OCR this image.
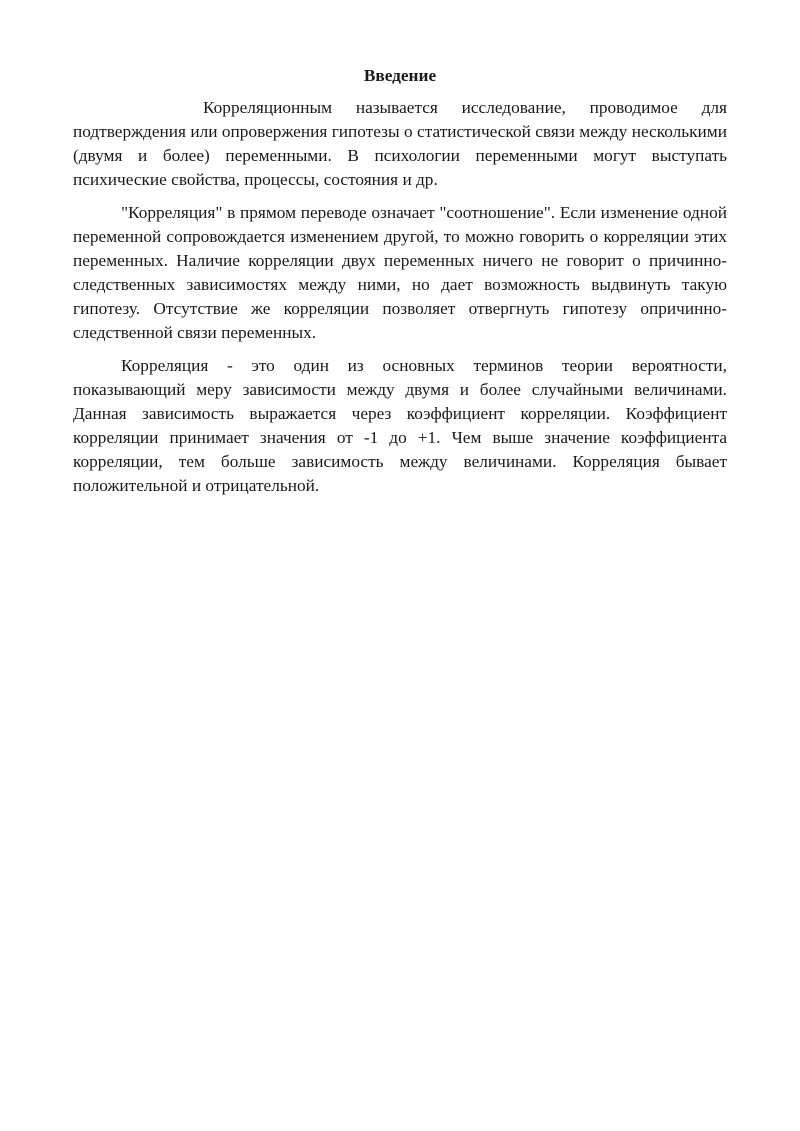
Введение

Корреляционным называется исследование, проводимое для подтверждения или опровержения гипотезы о статистической связи между несколькими (двумя и более) переменными. В психологии переменными могут выступать психические свойства, процессы, состояния и др.

"Корреляция" в прямом переводе означает "соотношение". Если изменение одной переменной сопровождается изменением другой, то можно говорить о корреляции этих переменных. Наличие корреляции двух переменных ничего не говорит о причинно-следственных зависимостях между ними, но дает возможность выдвинуть такую гипотезу. Отсутствие же корреляции позволяет отвергнуть гипотезу опричинно-следственной связи переменных.

Корреляция - это один из основных терминов теории вероятности, показывающий меру зависимости между двумя и более случайными величинами. Данная зависимость выражается через коэффициент корреляции. Коэффициент корреляции принимает значения от -1 до +1. Чем выше значение коэффициента корреляции, тем больше зависимость между величинами. Корреляция бывает положительной и отрицательной.
